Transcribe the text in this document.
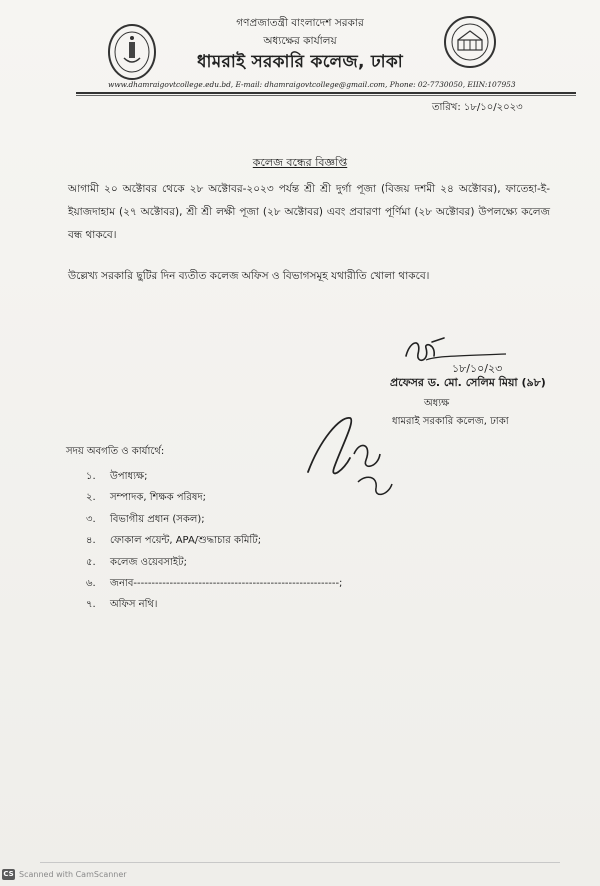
গণপ্রজাতন্ত্রী বাংলাদেশ সরকার
অধ্যক্ষের কার্যালয়
ধামরাই সরকারি কলেজ, ঢাকা
www.dhamraigovtcollege.edu.bd, E-mail: dhamraigovtcollege@gmail.com, Phone: 02-7730050, EIIN:107953
তারিখ: ১৮/১০/২০২৩
কলেজ বন্ধের বিজ্ঞপ্তি
আগামী ২০ অক্টোবর থেকে ২৮ অক্টোবর-২০২৩ পর্যন্ত শ্রী শ্রী দুর্গা পূজা (বিজয় দশমী ২৪ অক্টোবর), ফাতেহা-ই-ইয়াজদাহাম (২৭ অক্টোবর), শ্রী শ্রী লক্ষী পূজা (২৮ অক্টোবর) এবং প্রবারণা পূর্ণিমা (২৮ অক্টোবর) উপলক্ষ্যে কলেজ বন্ধ থাকবে।
উল্লেখ্য সরকারি ছুটির দিন ব্যতীত কলেজ অফিস ও বিভাগসমূহ যথারীতি খোলা থাকবে।
১৮/১০/২৩
প্রফেসর ড. মো. সেলিম মিয়া (৯৮)
অধ্যক্ষ
ধামরাই সরকারি কলেজ, ঢাকা
সদয় অবগতি ও কার্যার্থে:
১. উপাধ্যক্ষ;
২. সম্পাদক, শিক্ষক পরিষদ;
৩. বিভাগীয় প্রধান (সকল);
৪. ফোকাল পয়েন্ট, APA/শুদ্ধাচার কমিটি;
৫. কলেজ ওয়েবসাইট;
৬. জনাব---------------------------------------------------------;
৭. অফিস নথি।
CS Scanned with CamScanner
